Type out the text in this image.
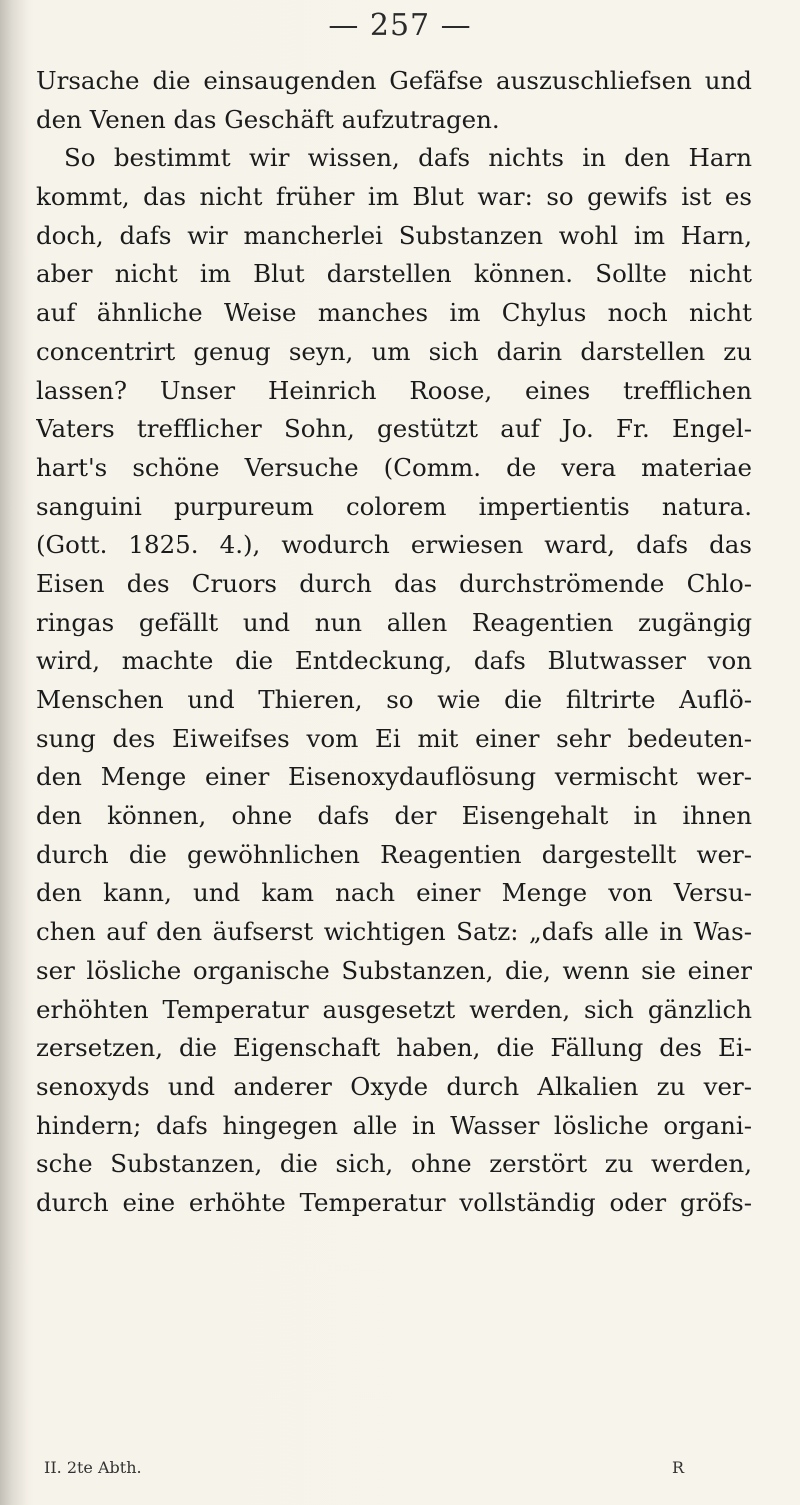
— 257 —
Ursache die einsaugenden Gefäfse auszuschliefsen und
den Venen das Geschäft aufzutragen.
So bestimmt wir wissen, dafs nichts in den Harn
kommt, das nicht früher im Blut war: so gewifs ist es
doch, dafs wir mancherlei Substanzen wohl im Harn,
aber nicht im Blut darstellen können. Sollte nicht
auf ähnliche Weise manches im Chylus noch nicht
concentrirt genug seyn, um sich darin darstellen zu
lassen? Unser Heinrich Roose, eines trefflichen
Vaters trefflicher Sohn, gestützt auf Jo. Fr. Engel-
hart's schöne Versuche (Comm. de vera materiae
sanguini purpureum colorem impertientis natura.
(Gott. 1825. 4.), wodurch erwiesen ward, dafs das
Eisen des Cruors durch das durchströmende Chlo-
ringas gefällt und nun allen Reagentien zugängig
wird, machte die Entdeckung, dafs Blutwasser von
Menschen und Thieren, so wie die filtrirte Auflö-
sung des Eiweifses vom Ei mit einer sehr bedeuten-
den Menge einer Eisenoxydauflösung vermischt wer-
den können, ohne dafs der Eisengehalt in ihnen
durch die gewöhnlichen Reagentien dargestellt wer-
den kann, und kam nach einer Menge von Versu-
chen auf den äufserst wichtigen Satz: „dafs alle in Was-
ser lösliche organische Substanzen, die, wenn sie einer
erhöhten Temperatur ausgesetzt werden, sich gänzlich
zersetzen, die Eigenschaft haben, die Fällung des Ei-
senoxyds und anderer Oxyde durch Alkalien zu ver-
hindern; dafs hingegen alle in Wasser lösliche organi-
sche Substanzen, die sich, ohne zerstört zu werden,
durch eine erhöhte Temperatur vollständig oder gröfs-
II. 2te Abth.	R
